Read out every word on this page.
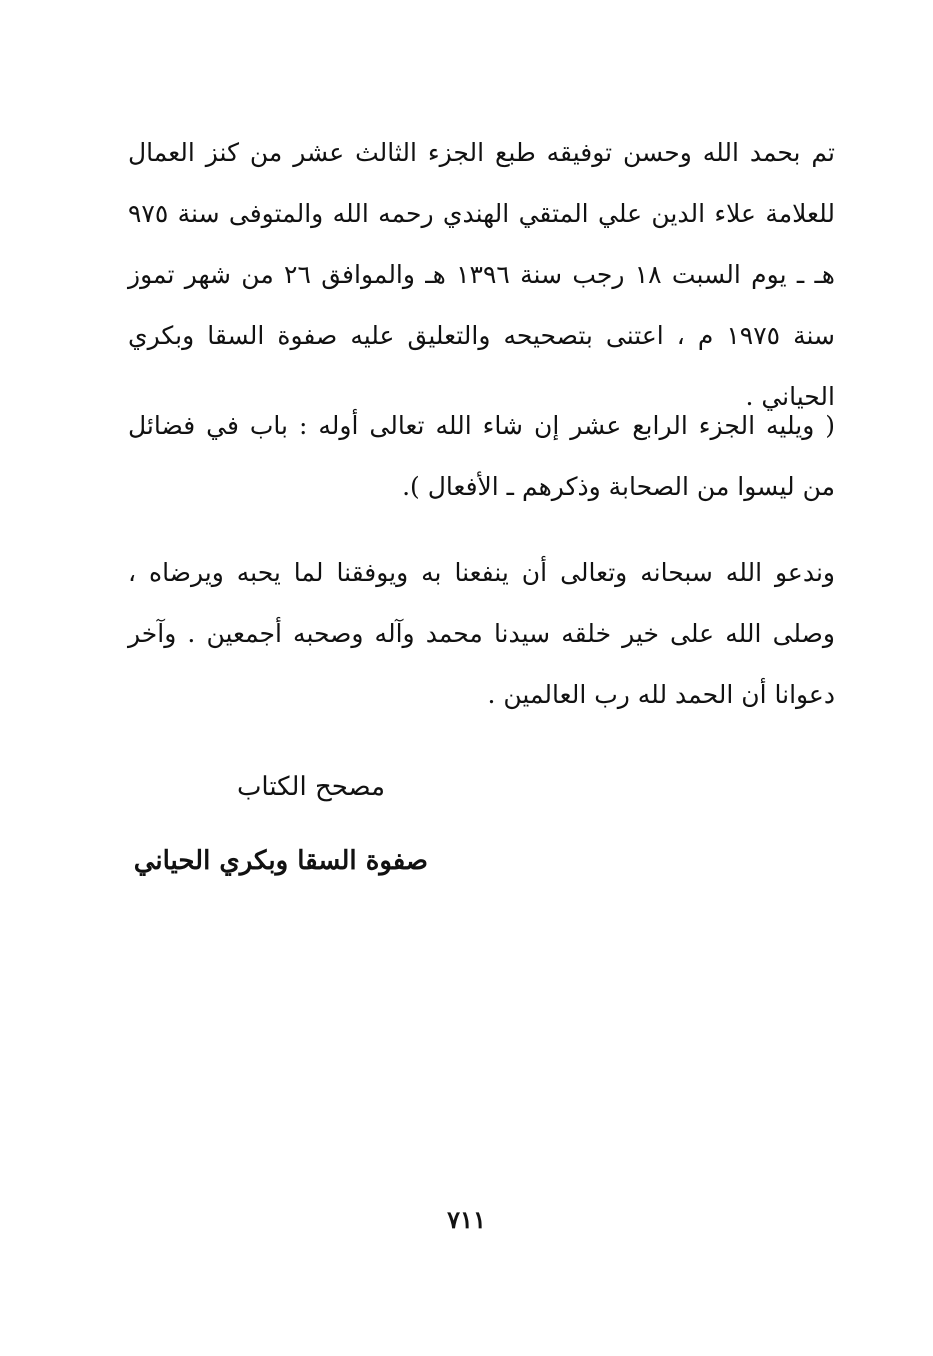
تم بحمد الله وحسن توفيقه طبع الجزء الثالث عشر من كنز العمال للعلامة علاء الدين علي المتقي الهندي رحمه الله والمتوفى سنة ٩٧٥ هـ ـ يوم السبت ١٨ رجب سنة ١٣٩٦ هـ والموافق ٢٦ من شهر تموز سنة ١٩٧٥ م ، اعتنى بتصحيحه والتعليق عليه صفوة السقا وبكري الحياني .

( ويليه الجزء الرابع عشر إن شاء الله تعالى أوله : باب في فضائل من ليسوا من الصحابة وذكرهم ـ الأفعال ).

وندعو الله سبحانه وتعالى أن ينفعنا به ويوفقنا لما يحبه ويرضاه ، وصلى الله على خير خلقه سيدنا محمد وآله وصحبه أجمعين . وآخر دعوانا أن الحمد لله رب العالمين .

مصحح الكتاب

صفوة السقا وبكري الحياني

٧١١
